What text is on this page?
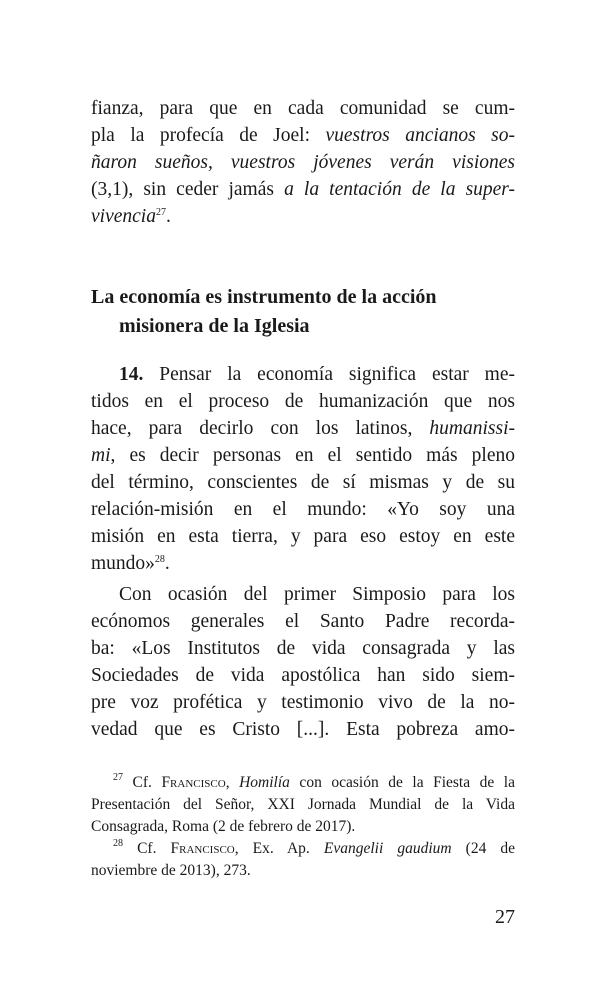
fianza, para que en cada comunidad se cum-
pla la profecía de Joel: vuestros ancianos so-
ñaron sueños, vuestros jóvenes verán visiones
(3,1), sin ceder jamás a la tentación de la super-
vivencia$^{27}$.
La economía es instrumento de la acción
misionera de la Iglesia
14. Pensar la economía significa estar me-
tidos en el proceso de humanización que nos
hace, para decirlo con los latinos, humanissi-
mi, es decir personas en el sentido más pleno
del término, conscientes de sí mismas y de su
relación-misión en el mundo: «Yo soy una
misión en esta tierra, y para eso estoy en este
mundo»$^{28}$.
Con ocasión del primer Simposio para los
ecónomos generales el Santo Padre recorda-
ba: «Los Institutos de vida consagrada y las
Sociedades de vida apostólica han sido siem-
pre voz profética y testimonio vivo de la no-
vedad que es Cristo [...]. Esta pobreza amo-
$^{27}$ Cf. Francisco, Homilía con ocasión de la Fiesta de la
Presentación del Señor, XXI Jornada Mundial de la Vida
Consagrada, Roma (2 de febrero de 2017).
$^{28}$ Cf. Francisco, Ex. Ap. Evangelii gaudium (24 de
noviembre de 2013), 273.
27
